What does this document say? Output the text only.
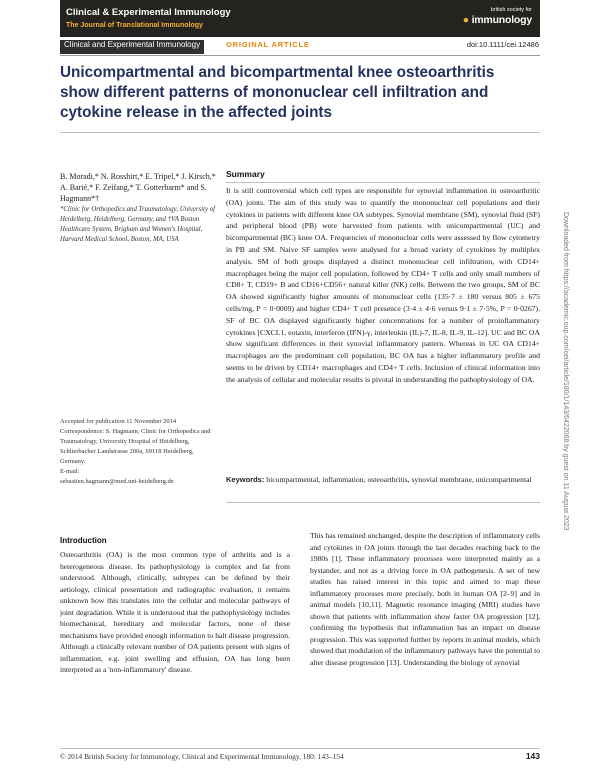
Clinical & Experimental Immunology
The Journal of Translational Immunology
british society for
● immunology
Clinical and Experimental Immunology	ORIGINAL ARTICLE	doi:10.1111/cei.12486
Unicompartmental and bicompartmental knee osteoarthritis show different patterns of mononuclear cell infiltration and cytokine release in the affected joints
B. Moradi,* N. Rosshirt,* E. Tripel,* J. Kirsch,* A. Barié,* F. Zeifang,* T. Gotterbarm* and S. Hagmann*†
*Clinic for Orthopedics and Traumatology, University of Heidelberg, Heidelberg, Germany, and †VA Boston Healthcare System, Brigham and Women's Hospital, Harvard Medical School, Boston, MA, USA
Accepted for publication 11 November 2014
Correspondence: S. Hagmann, Clinic for Orthopedics and Traumatology, University Hospital of Heidelberg, Schlierbacher Landstrasse 200a, 69118 Heidelberg, Germany.
E-mail:
sebastien.hagmann@med.uni-heidelberg.de
Summary
It is still controversial which cell types are responsible for synovial inflammation in osteoarthritic (OA) joints. The aim of this study was to quantify the mononuclear cell populations and their cytokines in patients with different knee OA subtypes. Synovial membrane (SM), synovial fluid (SF) and peripheral blood (PB) were harvested from patients with unicompartmental (UC) and bicompartmental (BC) knee OA. Frequencies of mononuclear cells were assessed by flow cytometry in PB and SM. Naive SF samples were analysed for a broad variety of cytokines by multiplex analysis. SM of both groups displayed a distinct mononuclear cell infiltration, with CD14+ macrophages being the major cell population, followed by CD4+ T cells and only small numbers of CD8+ T, CD19+ B and CD16+CD56+ natural killer (NK) cells. Between the two groups, SM of BC OA showed significantly higher amounts of mononuclear cells (135·7 ± 180 versus 805 ± 675 cells/mg, P = 0·0009) and higher CD4+ T cell presence (3·4 ± 4·6 versus 9·1 ± 7·5%, P = 0·0267). SF of BC OA displayed significantly higher concentrations for a number of proinflammatory cytokines [CXCL1, eotaxin, interferon (IFN)-γ, interleukin (IL)-7, IL-8, IL-9, IL-12]. UC and BC OA show significant differences in their synovial inflammatory pattern. Whereas in UC OA CD14+ macrophages are the predominant cell population, BC OA has a higher inflammatory profile and seems to be driven by CD14+ macrophages and CD4+ T cells. Inclusion of clinical information into the analysis of cellular and molecular results is pivotal in understanding the pathophysiology of OA.
Keywords: bicompartmental, inflammation, osteoarthritis, synovial membrane, unicompartmental
Introduction
Osteoarthritis (OA) is the most common type of arthritis and is a heterogeneous disease. Its pathophysiology is complex and far from understood. Although, clinically, subtypes can be defined by their aetiology, clinical presentation and radiographic evaluation, it remains unknown how this translates into the cellular and molecular pathways of joint degradation. While it is understood that the pathophysiology includes biomechanical, hereditary and molecular factors, none of these mechanisms have provided enough information to halt disease progression. Although a clinically relevant number of OA patients present with signs of inflammation, e.g. joint swelling and effusion, OA has long been interpreted as a 'non-inflammatory' disease.
This has remained unchanged, despite the description of inflammatory cells and cytokines in OA joints through the last decades reaching back to the 1980s [1]. These inflammatory processes were interpreted mainly as a bystander, and not as a driving force in OA pathogenesis. A set of new studies has raised interest in this topic and aimed to map these inflammatory processes more precisely, both in human OA [2–9] and in animal models [10,11]. Magnetic resonance imaging (MRI) studies have shown that patients with inflammation show faster OA progression [12], confirming the hypothesis that inflammation has an impact on disease progression. This was supported further by reports in animal models, which showed that modulation of the inflammatory pathways have the potential to alter disease progression [13]. Understanding the biology of synovial
© 2014 British Society for Immunology, Clinical and Experimental Immunology, 180: 143–154	143
Downloaded from https://academic.oup.com/cei/article/180/1/143/6422068 by guest on 11 August 2023
